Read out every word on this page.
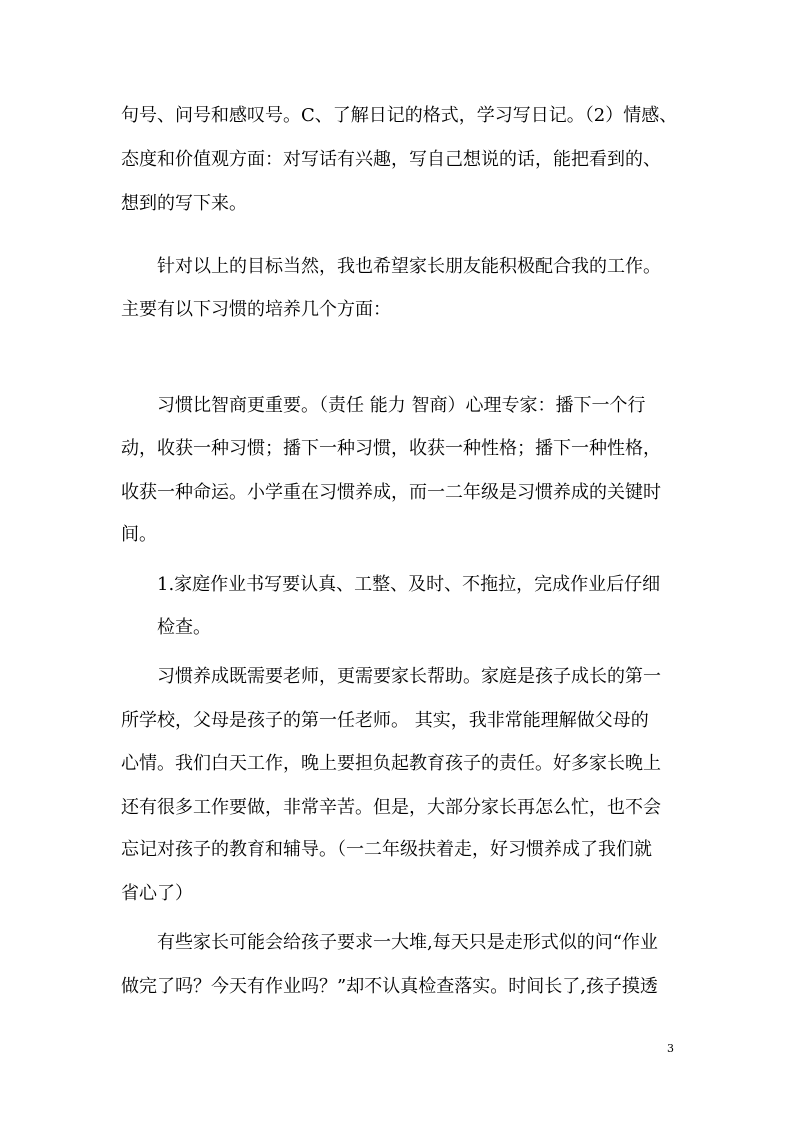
句号、问号和感叹号。C、了解日记的格式，学习写日记。（2）情感、
态度和价值观方面：对写话有兴趣，写自己想说的话，能把看到的、
想到的写下来。
针对以上的目标当然，我也希望家长朋友能积极配合我的工作。
主要有以下习惯的培养几个方面：
习惯比智商更重要。（责任 能力 智商）心理专家：播下一个行
动，收获一种习惯；播下一种习惯，收获一种性格；播下一种性格，
收获一种命运。小学重在习惯养成，而一二年级是习惯养成的关键时
间。
1.家庭作业书写要认真、工整、及时、不拖拉，完成作业后仔细
检查。
习惯养成既需要老师，更需要家长帮助。家庭是孩子成长的第一
所学校，父母是孩子的第一任老师。 其实，我非常能理解做父母的
心情。我们白天工作，晚上要担负起教育孩子的责任。好多家长晚上
还有很多工作要做，非常辛苦。但是，大部分家长再怎么忙，也不会
忘记对孩子的教育和辅导。（一二年级扶着走，好习惯养成了我们就
省心了）
有些家长可能会给孩子要求一大堆,每天只是走形式似的问“作业
做完了吗？今天有作业吗？”却不认真检查落实。时间长了,孩子摸透
3
